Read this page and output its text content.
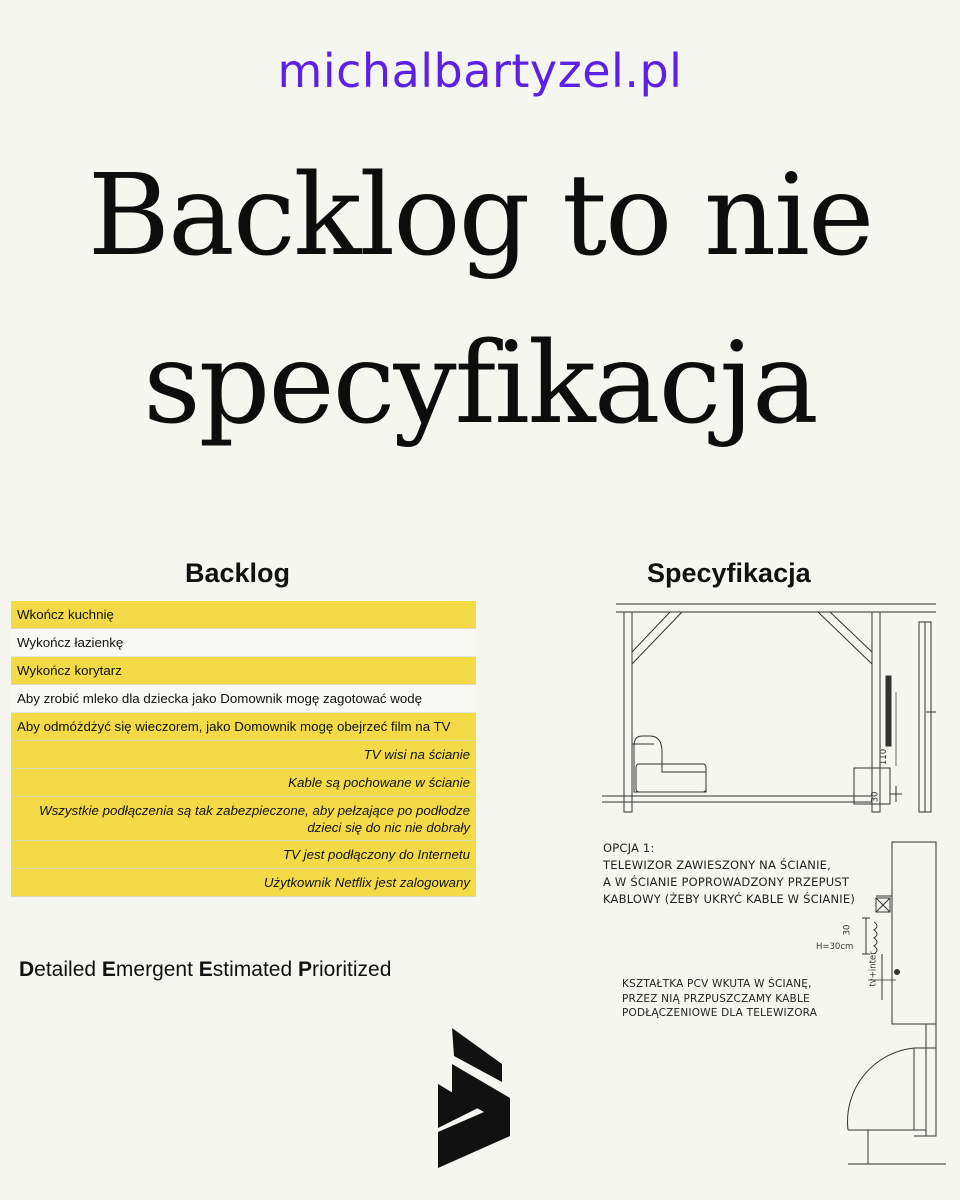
michalbartyzel.pl
Backlog to nie
specyfikacja
Backlog	Specyfikacja
Wkończ kuchnię
Wykończ łazienkę
Wykończ korytarz
Aby zrobić mleko dla dziecka jako Domownik mogę zagotować wodę
Aby odmóżdżyć się wieczorem, jako Domownik mogę obejrzeć film na TV
TV wisi na ścianie
Kable są pochowane w ścianie
Wszystkie podłączenia są tak zabezpieczone, aby pełzające po podłodze
dzieci się do nic nie dobrały
TV jest podłączony do Internetu
Użytkownik Netflix jest zalogowany
Detailed Emergent Estimated Prioritized
110
30
OPCJA 1:
TELEWIZOR ZAWIESZONY NA ŚCIANIE,
A W ŚCIANIE POPROWADZONY PRZEPUST
KABLOWY (ŻEBY UKRYĆ KABLE W ŚCIANIE)
30
H=30cm
tv+inter
KSZTAŁTKA PCV WKUTA W ŚCIANĘ,
PRZEZ NIĄ PRZPUSZCZAMY KABLE
PODŁĄCZENIOWE DLA TELEWIZORA
